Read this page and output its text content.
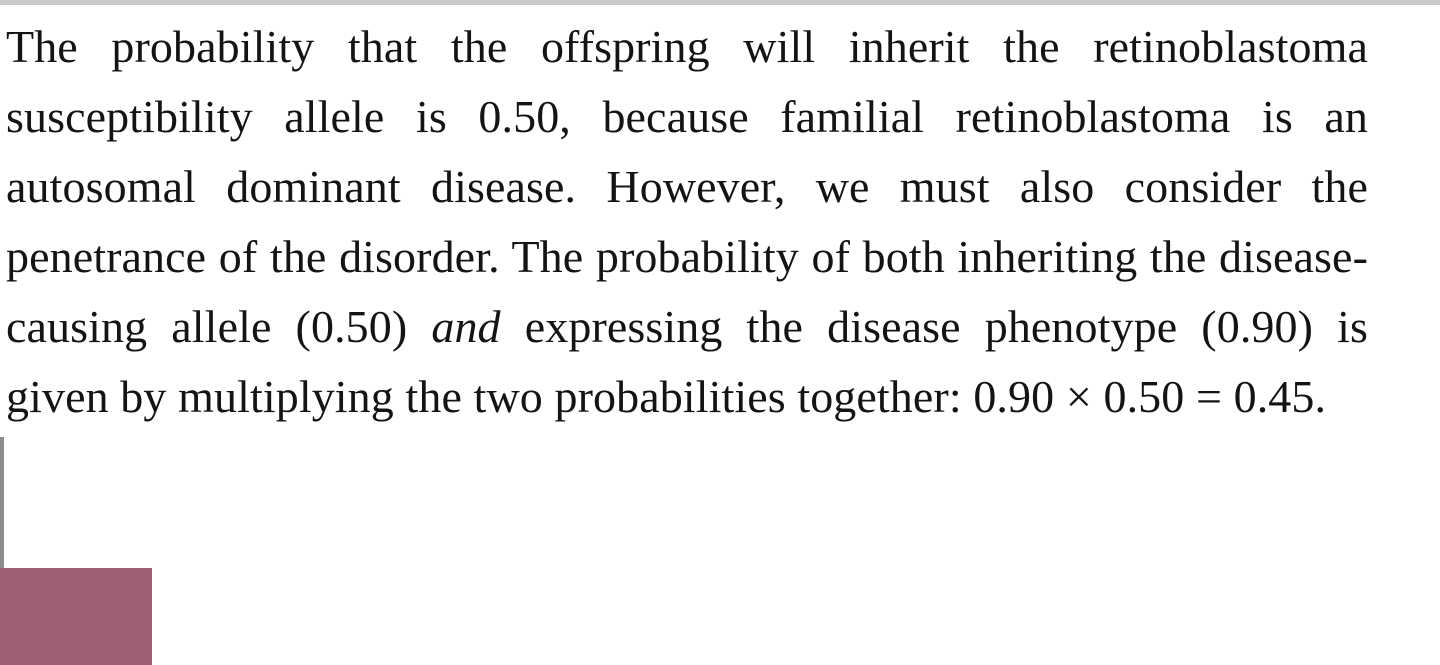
The probability that the offspring will inherit the retinoblastoma susceptibility allele is 0.50, because familial retinoblastoma is an autosomal dominant disease. However, we must also consider the penetrance of the disorder. The probability of both inheriting the disease-causing allele (0.50) and expressing the disease phenotype (0.90) is given by multiplying the two probabilities together: 0.90 × 0.50 = 0.45.
